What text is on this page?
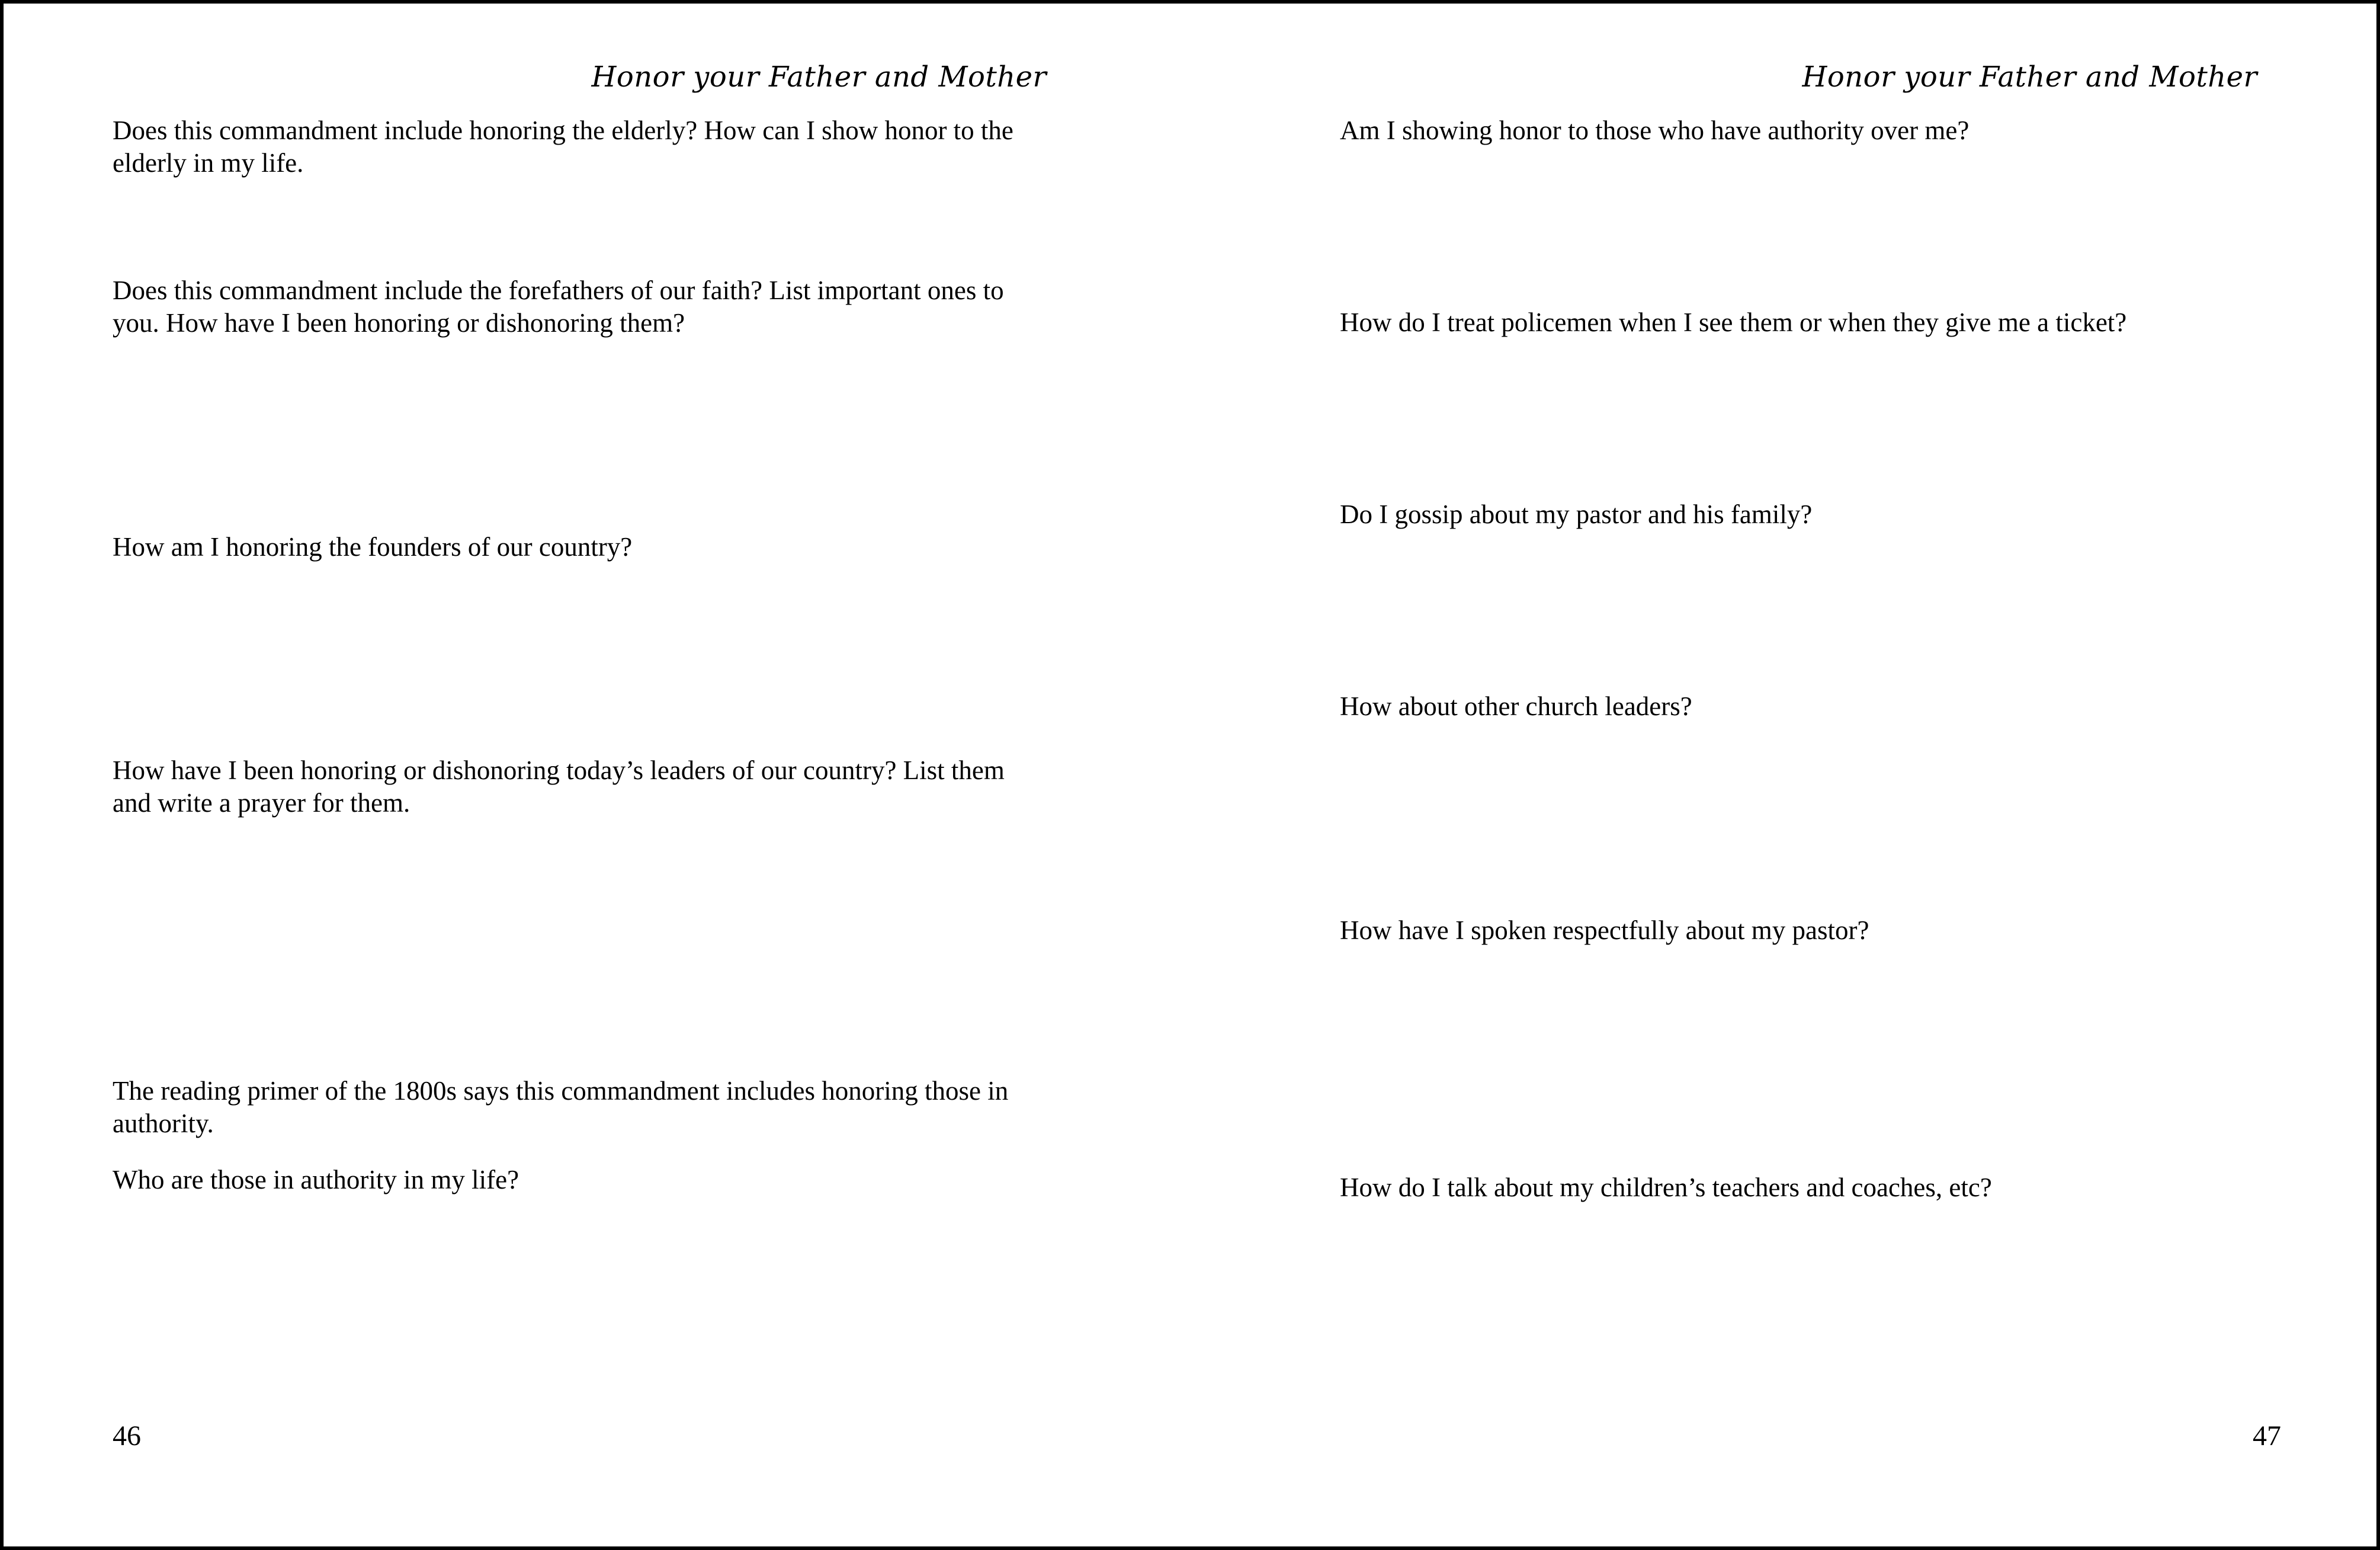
Honor your Father and Mother

Does this commandment include honoring the elderly? How can I show honor to the elderly in my life.

Does this commandment include the forefathers of our faith? List important ones to you. How have I been honoring or dishonoring them?

How am I honoring the founders of our country?

How have I been honoring or dishonoring today’s leaders of our country? List them and write a prayer for them.

The reading primer of the 1800s says this commandment includes honoring those in authority.

Who are those in authority in my life?

46
Honor your Father and Mother

Am I showing honor to those who have authority over me?

How do I treat policemen when I see them or when they give me a ticket?

Do I gossip about my pastor and his family?

How about other church leaders?

How have I spoken respectfully about my pastor?

How do I talk about my children’s teachers and coaches, etc?

47
